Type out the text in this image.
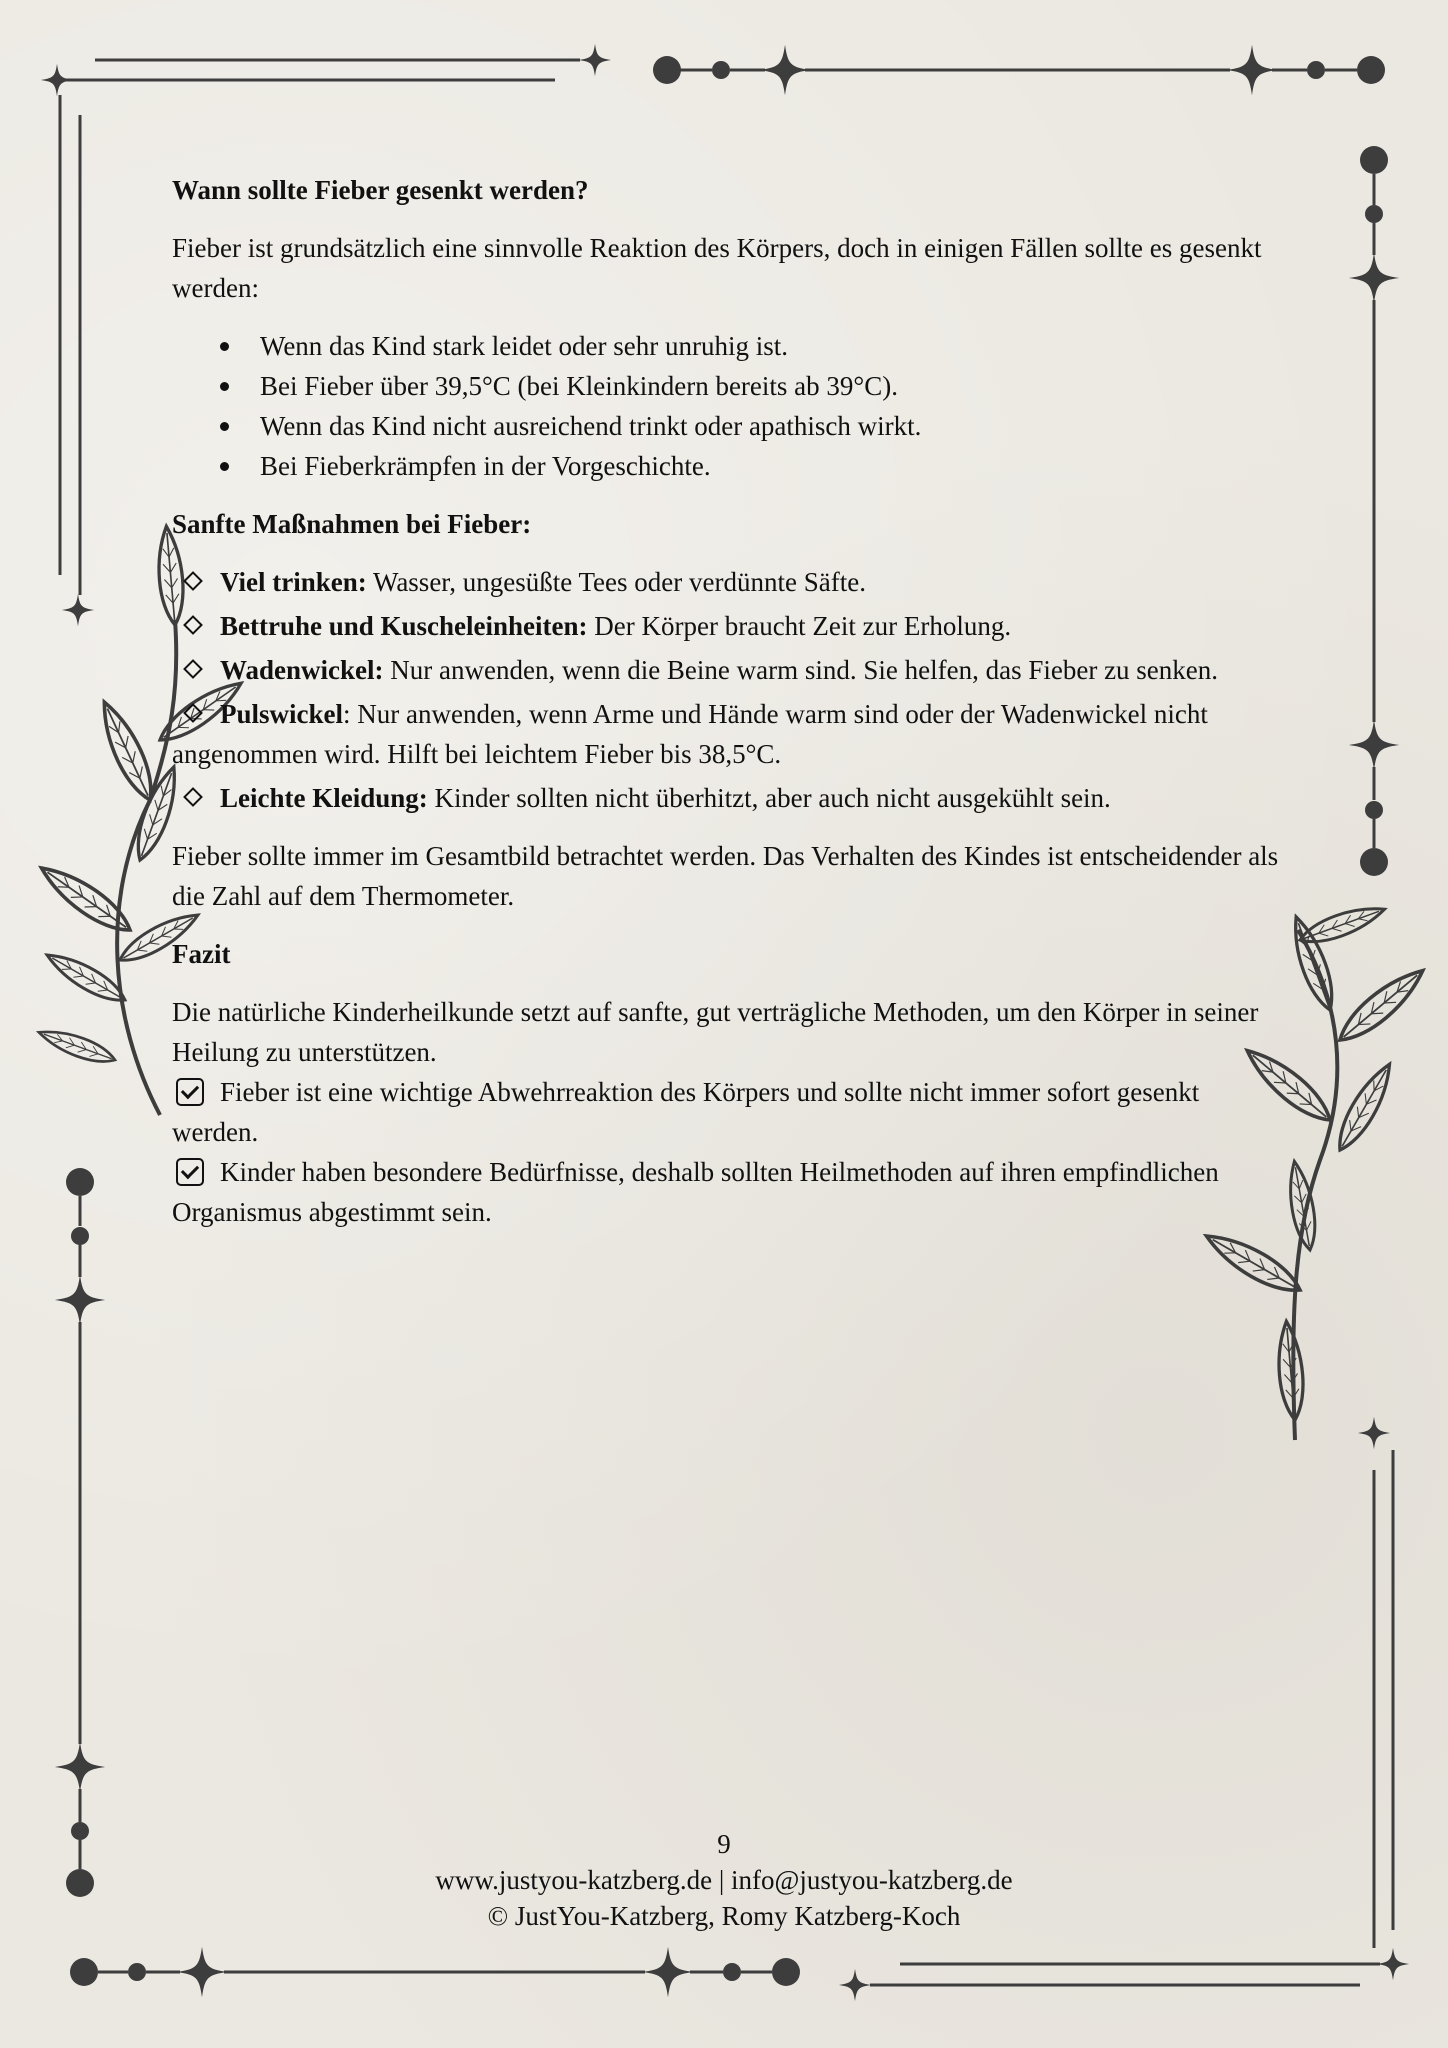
Wann sollte Fieber gesenkt werden?

Fieber ist grundsätzlich eine sinnvolle Reaktion des Körpers, doch in einigen Fällen sollte es gesenkt werden:

Wenn das Kind stark leidet oder sehr unruhig ist.
Bei Fieber über 39,5°C (bei Kleinkindern bereits ab 39°C).
Wenn das Kind nicht ausreichend trinkt oder apathisch wirkt.
Bei Fieberkrämpfen in der Vorgeschichte.
Sanfte Maßnahmen bei Fieber:
Viel trinken: Wasser, ungesüßte Tees oder verdünnte Säfte.
Bettruhe und Kuscheleinheiten: Der Körper braucht Zeit zur Erholung.
Wadenwickel: Nur anwenden, wenn die Beine warm sind. Sie helfen, das Fieber zu senken.
Pulswickel: Nur anwenden, wenn Arme und Hände warm sind oder der Wadenwickel nicht angenommen wird. Hilft bei leichtem Fieber bis 38,5°C.
Leichte Kleidung: Kinder sollten nicht überhitzt, aber auch nicht ausgekühlt sein.

Fieber sollte immer im Gesamtbild betrachtet werden. Das Verhalten des Kindes ist entscheidender als die Zahl auf dem Thermometer.

Fazit

Die natürliche Kinderheilkunde setzt auf sanfte, gut verträgliche Methoden, um den Körper in seiner Heilung zu unterstützen.

Fieber ist eine wichtige Abwehrreaktion des Körpers und sollte nicht immer sofort gesenkt werden.
Kinder haben besondere Bedürfnisse, deshalb sollten Heilmethoden auf ihren empfindlichen Organismus abgestimmt sein.
9
www.justyou-katzberg.de | info@justyou-katzberg.de
© JustYou-Katzberg, Romy Katzberg-Koch
